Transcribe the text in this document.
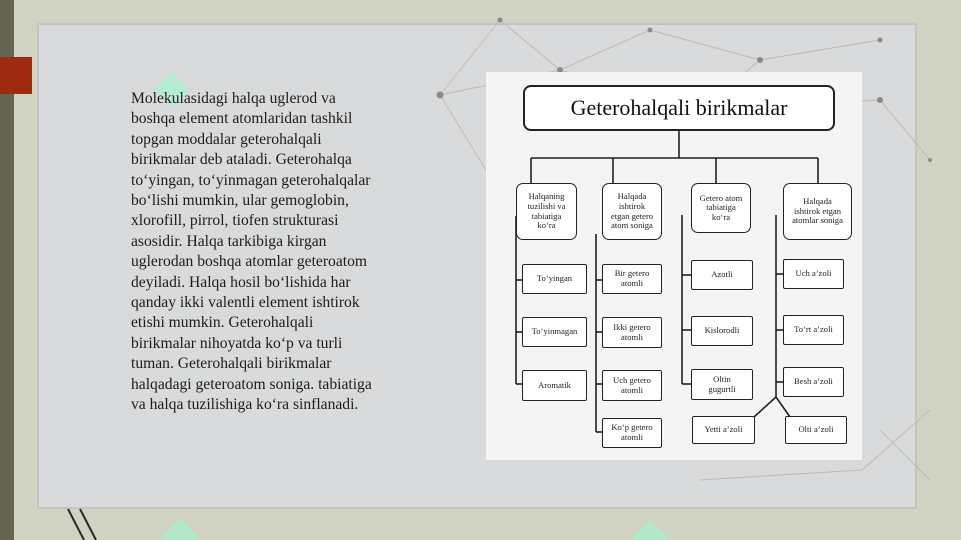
Molekulasidagi halqa uglerod va
boshqa element atomlaridan tashkil
topgan moddalar geterohalqali
birikmalar deb ataladi. Geterohalqa
to‘yingan, to‘yinmagan geterohalqalar
bo‘lishi mumkin, ular gemoglobin,
xlorofill, pirrol, tiofen strukturasi
asosidir. Halqa tarkibiga kirgan
uglerodan boshqa atomlar geteroatom
deyiladi. Halqa hosil bo‘lishida har
qanday ikki valentli element ishtirok
etishi mumkin. Geterohalqali
birikmalar nihoyatda ko‘p va turli
tuman. Geterohalqali birikmalar
halqadagi geteroatom soniga. tabiatiga
va halqa tuzilishiga ko‘ra sinflanadi.

Geterohalqali birikmalar
Halqaning
tuzilishi va
tabiatiga
ko‘ra
Halqada
ishtirok
etgan getero
atom soniga
Getero atom
tabiatiga
ko‘ra
Halqada
ishtirok etgan
atomlar soniga
To‘yingan
To‘yinmagan
Aromatik
Bir getero
atomli
Ikki getero
atomli
Uch getero
atomli
Ko‘p getero
atomli
Azotli
Kislorodli
Oltin
gugurtli
Uch a’zoli
To‘rt a’zoli
Besh a’zoli
Yetti a’zoli	Olti a’zoli
